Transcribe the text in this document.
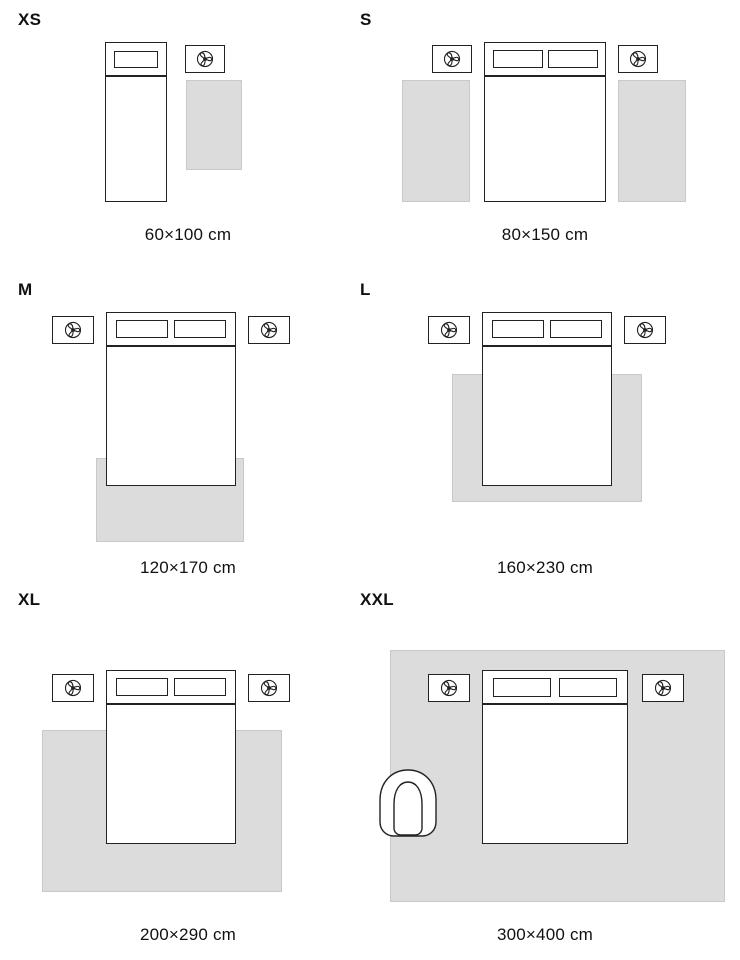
XS
60×100 cm
S
80×150 cm
M
120×170 cm
L
160×230 cm
XL
200×290 cm
XXL
300×400 cm
